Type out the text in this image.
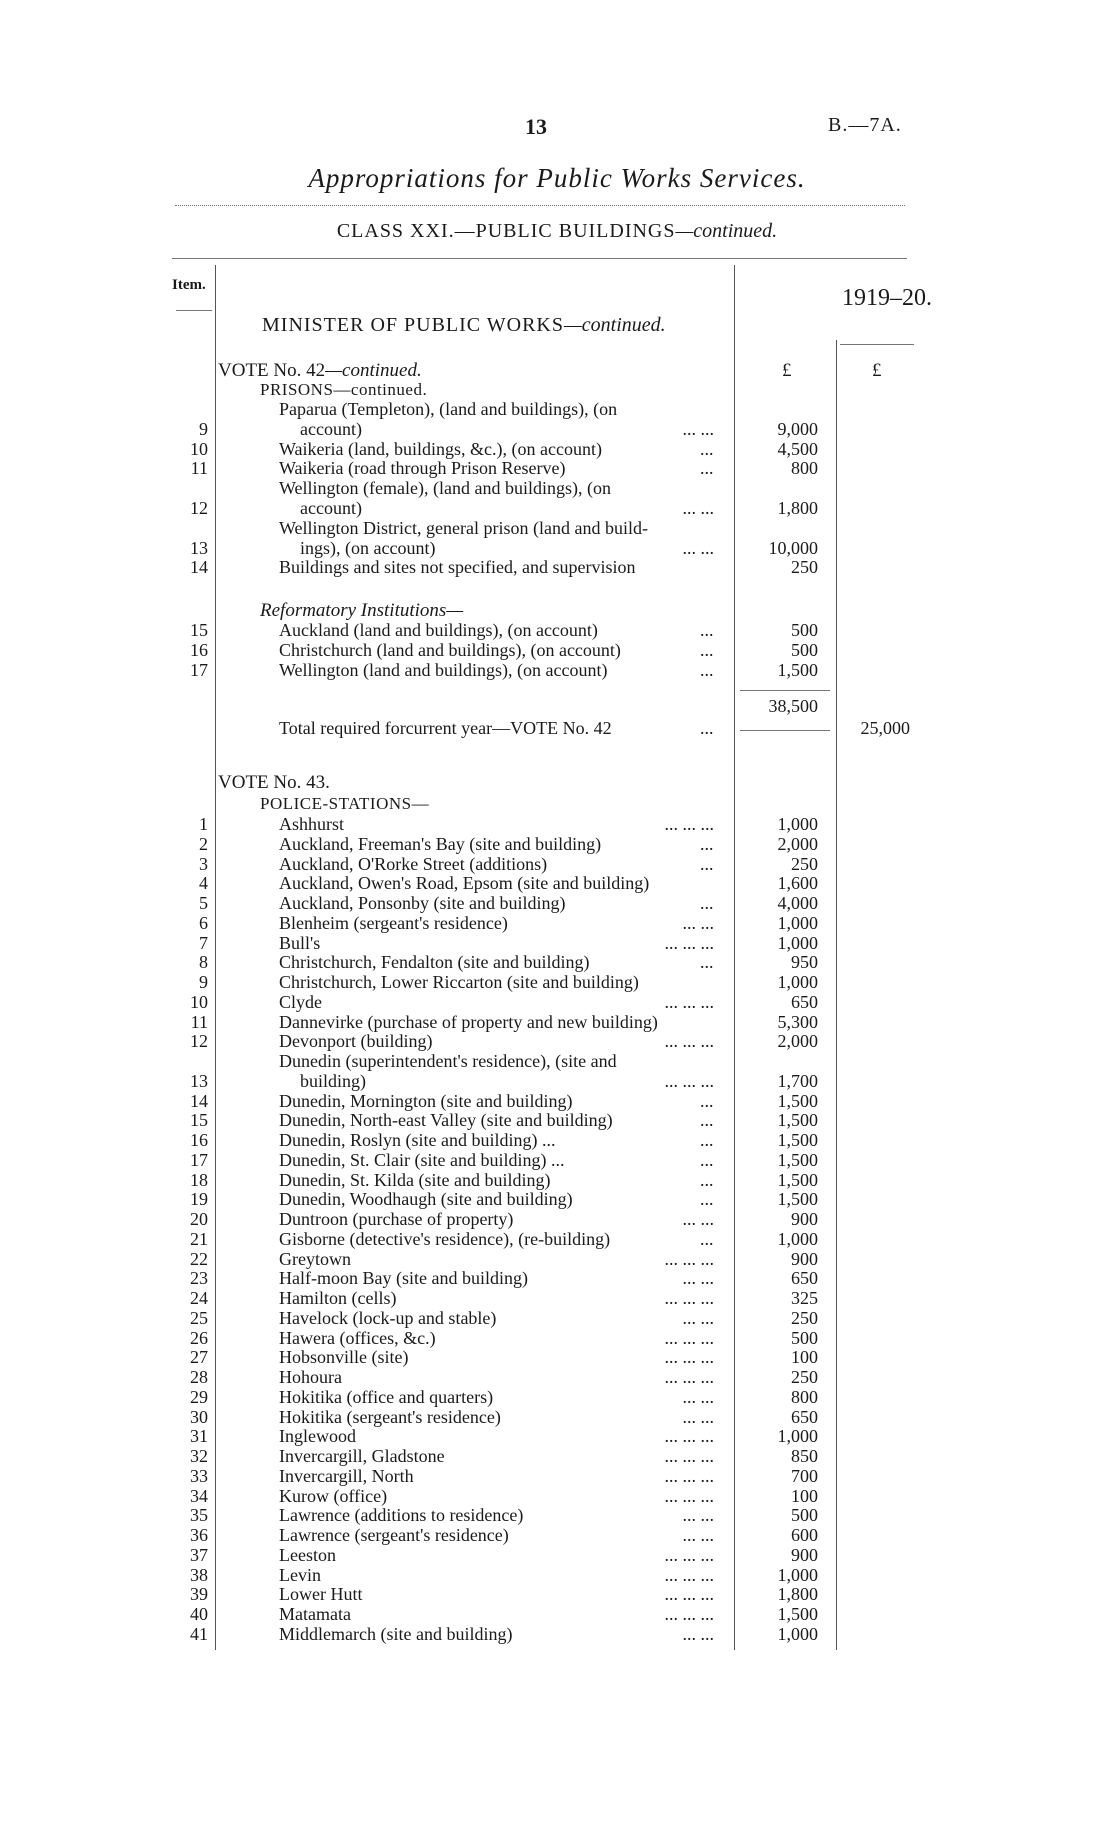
13	B.—7A.
Appropriations for Public Works Services.
CLASS XXI.—PUBLIC BUILDINGS—continued.
Item.	1919–20.
MINISTER OF PUBLIC WORKS—continued.
VOTE No. 42—continued.	£	£
PRISONS—continued.
Paparua (Templeton), (land and buildings), (on
9	account)	... ...	9,000
10	Waikeria (land, buildings, &c.), (on account)	...	4,500
11	Waikeria (road through Prison Reserve)	...	800
Wellington (female), (land and buildings), (on
12	account)	... ...	1,800
Wellington District, general prison (land and build-
13	ings), (on account)	... ...	10,000
14	Buildings and sites not specified, and supervision	250
Reformatory Institutions—
15	Auckland (land and buildings), (on account)	...	500
16	Christchurch (land and buildings), (on account)	...	500
17	Wellington (land and buildings), (on account)	...	1,500
38,500
Total required forcurrent year—VOTE No. 42	...	25,000
VOTE No. 43.
POLICE-STATIONS—
1	Ashhurst	... ... ...	1,000
2	Auckland, Freeman's Bay (site and building)	...	2,000
3	Auckland, O'Rorke Street (additions)	...	250
4	Auckland, Owen's Road, Epsom (site and building)	1,600
5	Auckland, Ponsonby (site and building)	...	4,000
6	Blenheim (sergeant's residence)	... ...	1,000
7	Bull's	... ... ...	1,000
8	Christchurch, Fendalton (site and building)	...	950
9	Christchurch, Lower Riccarton (site and building)	1,000
10	Clyde	... ... ...	650
11	Dannevirke (purchase of property and new building)	5,300
12	Devonport (building)	... ... ...	2,000
Dunedin (superintendent's residence), (site and
13	building)	... ... ...	1,700
14	Dunedin, Mornington (site and building)	...	1,500
15	Dunedin, North-east Valley (site and building)	...	1,500
16	Dunedin, Roslyn (site and building) ...	...	1,500
17	Dunedin, St. Clair (site and building) ...	...	1,500
18	Dunedin, St. Kilda (site and building)	...	1,500
19	Dunedin, Woodhaugh (site and building)	...	1,500
20	Duntroon (purchase of property)	... ...	900
21	Gisborne (detective's residence), (re-building)	...	1,000
22	Greytown	... ... ...	900
23	Half-moon Bay (site and building)	... ...	650
24	Hamilton (cells)	... ... ...	325
25	Havelock (lock-up and stable)	... ...	250
26	Hawera (offices, &c.)	... ... ...	500
27	Hobsonville (site)	... ... ...	100
28	Hohoura	... ... ...	250
29	Hokitika (office and quarters)	... ...	800
30	Hokitika (sergeant's residence)	... ...	650
31	Inglewood	... ... ...	1,000
32	Invercargill, Gladstone	... ... ...	850
33	Invercargill, North	... ... ...	700
34	Kurow (office)	... ... ...	100
35	Lawrence (additions to residence)	... ...	500
36	Lawrence (sergeant's residence)	... ...	600
37	Leeston	... ... ...	900
38	Levin	... ... ...	1,000
39	Lower Hutt	... ... ...	1,800
40	Matamata	... ... ...	1,500
41	Middlemarch (site and building)	... ...	1,000
